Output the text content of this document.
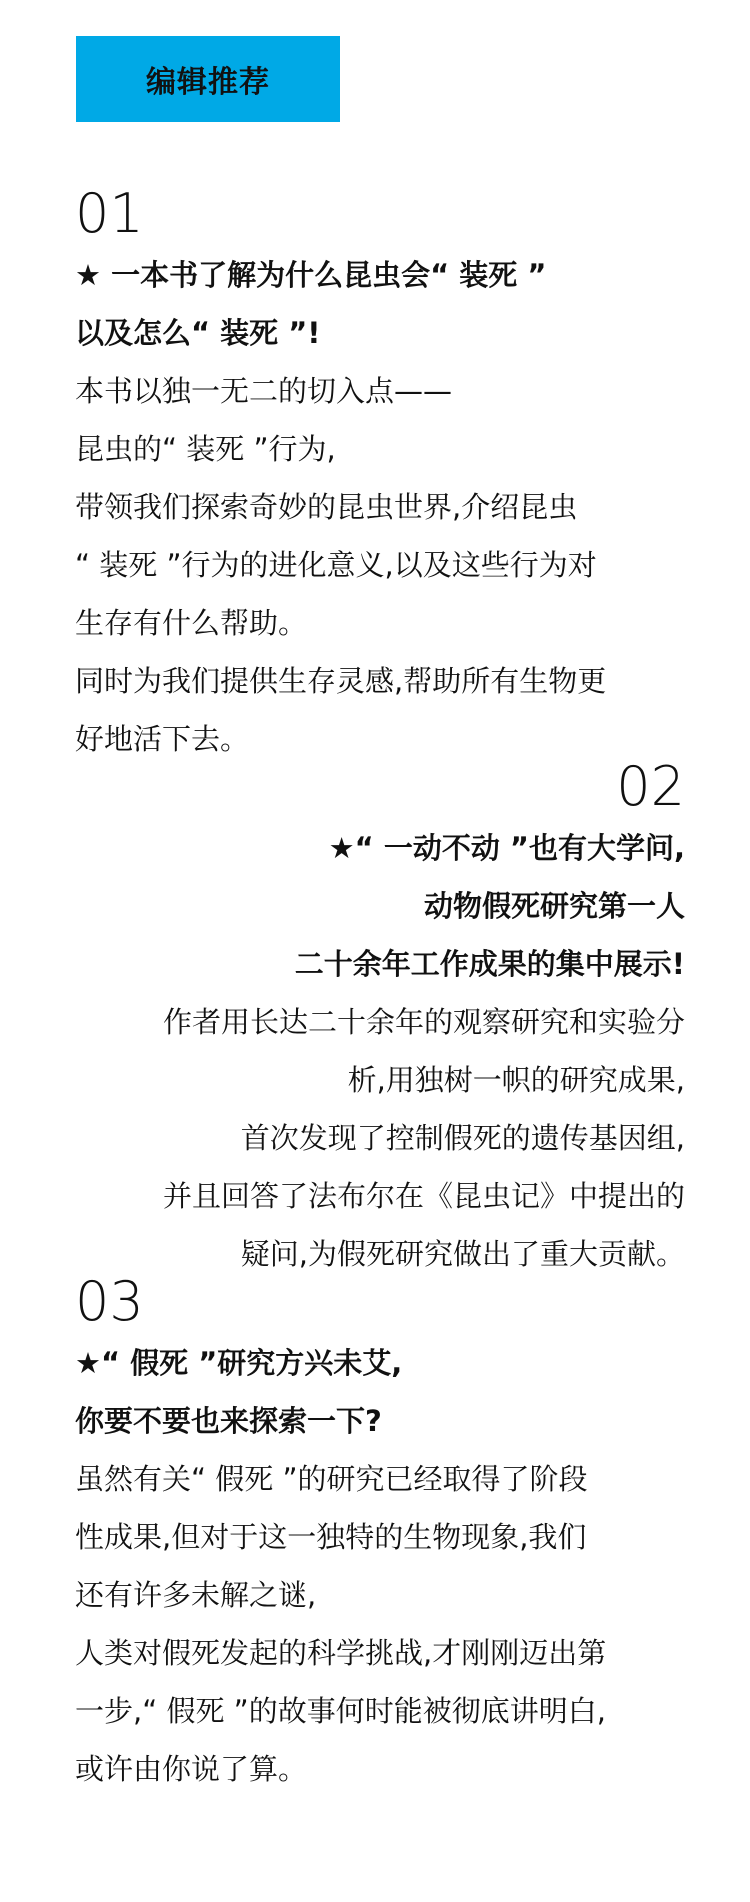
编辑推荐
01
★ 一本书了解为什么昆虫会“ 装死 ”
以及怎么“ 装死 ”!
本书以独一无二的切入点——
昆虫的“ 装死 ”行为,
带领我们探索奇妙的昆虫世界,介绍昆虫
“ 装死 ”行为的进化意义,以及这些行为对
生存有什么帮助。
同时为我们提供生存灵感,帮助所有生物更
好地活下去。
02
★“ 一动不动 ”也有大学问,
动物假死研究第一人
二十余年工作成果的集中展示!
作者用长达二十余年的观察研究和实验分
析,用独树一帜的研究成果,
首次发现了控制假死的遗传基因组,
并且回答了法布尔在《昆虫记》中提出的
疑问,为假死研究做出了重大贡献。
03
★“ 假死 ”研究方兴未艾,
你要不要也来探索一下?
虽然有关“ 假死 ”的研究已经取得了阶段
性成果,但对于这一独特的生物现象,我们
还有许多未解之谜,
人类对假死发起的科学挑战,才刚刚迈出第
一步,“ 假死 ”的故事何时能被彻底讲明白,
或许由你说了算。
